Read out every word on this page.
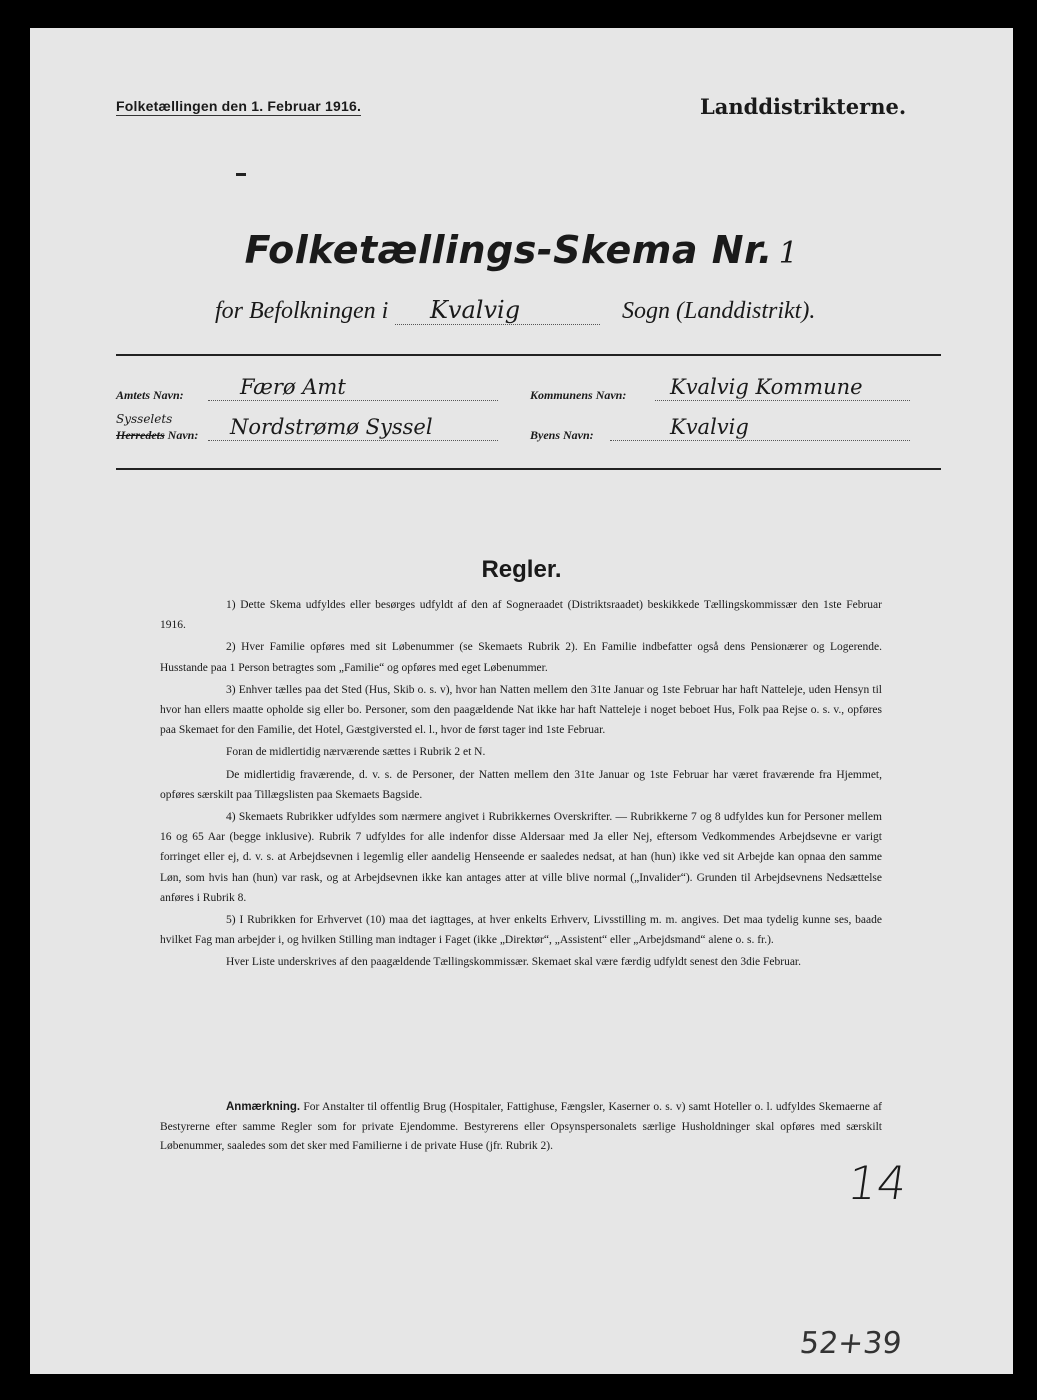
Folketællingen den 1. Februar 1916.	Landdistrikterne.
Folketællings-Skema Nr. 1
for Befolkningen i Kvalvig	Sogn (Landdistrikt).
Amtets Navn:	Færø Amt	Kommunens Navn: Kvalvig Kommune
Sysselets
Herredets Navn: Nordstrømø Syssel	Byens Navn:	Kvalvig
Regler.

1) Dette Skema udfyldes eller besørges udfyldt af den af Sogneraadet (Distriktsraadet) beskikkede Tællingskommissær den 1ste Februar 1916.

2) Hver Familie opføres med sit Løbenummer (se Skemaets Rubrik 2). En Familie indbefatter også dens Pensionærer og Logerende. Husstande paa 1 Person betragtes som „Familie“ og opføres med eget Løbenummer.

3) Enhver tælles paa det Sted (Hus, Skib o. s. v), hvor han Natten mellem den 31te Januar og 1ste Februar har haft Natteleje, uden Hensyn til hvor han ellers maatte opholde sig eller bo. Personer, som den paagældende Nat ikke har haft Natteleje i noget beboet Hus, Folk paa Rejse o. s. v., opføres paa Skemaet for den Familie, det Hotel, Gæstgiversted el. l., hvor de først tager ind 1ste Februar.

Foran de midlertidig nærværende sættes i Rubrik 2 et N.

De midlertidig fraværende, d. v. s. de Personer, der Natten mellem den 31te Januar og 1ste Februar har været fraværende fra Hjemmet, opføres særskilt paa Tillægslisten paa Skemaets Bagside.

4) Skemaets Rubrikker udfyldes som nærmere angivet i Rubrikkernes Overskrifter. — Rubrikkerne 7 og 8 udfyldes kun for Personer mellem 16 og 65 Aar (begge inklusive). Rubrik 7 udfyldes for alle indenfor disse Aldersaar med Ja eller Nej, eftersom Vedkommendes Arbejdsevne er varigt forringet eller ej, d. v. s. at Arbejdsevnen i legemlig eller aandelig Henseende er saaledes nedsat, at han (hun) ikke ved sit Arbejde kan opnaa den samme Løn, som hvis han (hun) var rask, og at Arbejdsevnen ikke kan antages atter at ville blive normal („Invalider“). Grunden til Arbejdsevnens Nedsættelse anføres i Rubrik 8.

5) I Rubrikken for Erhvervet (10) maa det iagttages, at hver enkelts Erhverv, Livsstilling m. m. angives. Det maa tydelig kunne ses, baade hvilket Fag man arbejder i, og hvilken Stilling man indtager i Faget (ikke „Direktør“, „Assistent“ eller „Arbejdsmand“ alene o. s. fr.).

Hver Liste underskrives af den paagældende Tællingskommissær. Skemaet skal være færdig udfyldt senest den 3die Februar.

Anmærkning. For Anstalter til offentlig Brug (Hospitaler, Fattighuse, Fængsler, Kaserner o. s. v) samt Hoteller o. l. udfyldes Skemaerne af Bestyrerne efter samme Regler som for private Ejendomme. Bestyrerens eller Opsynspersonalets særlige Husholdninger skal opføres med særskilt Løbenummer, saaledes som det sker med Familierne i de private Huse (jfr. Rubrik 2).
14
52+39
